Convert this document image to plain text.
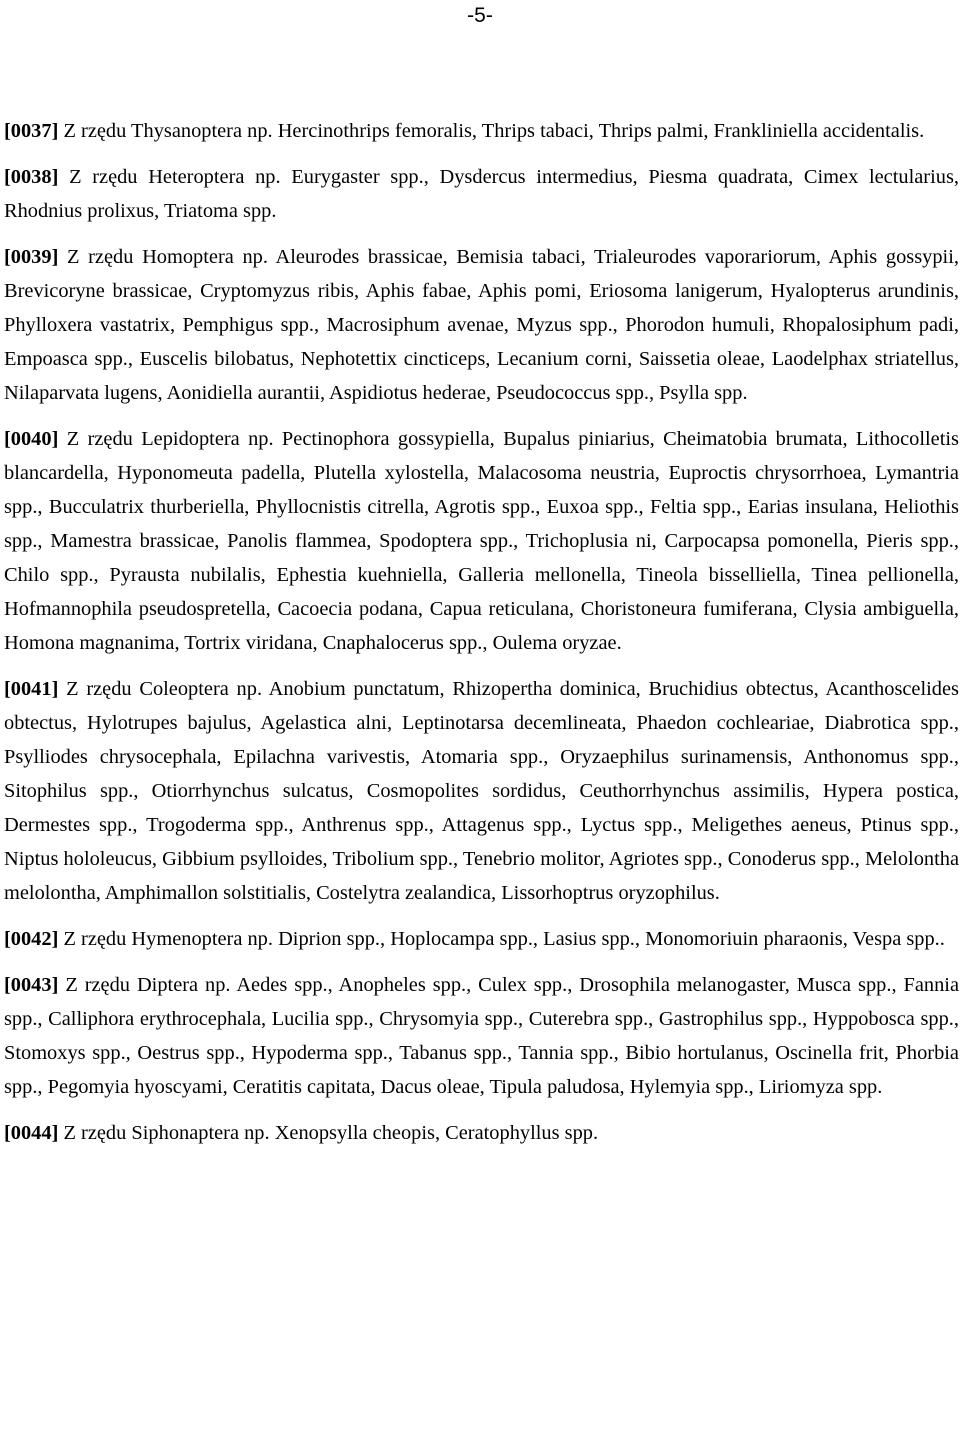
-5-

[0037] Z rzędu Thysanoptera np. Hercinothrips femoralis, Thrips tabaci, Thrips palmi, Frankliniella accidentalis.

[0038] Z rzędu Heteroptera np. Eurygaster spp., Dysdercus intermedius, Piesma quadrata, Cimex lectularius, Rhodnius prolixus, Triatoma spp.

[0039] Z rzędu Homoptera np. Aleurodes brassicae, Bemisia tabaci, Trialeurodes vaporariorum, Aphis gossypii, Brevicoryne brassicae, Cryptomyzus ribis, Aphis fabae, Aphis pomi, Eriosoma lanigerum, Hyalopterus arundinis, Phylloxera vastatrix, Pemphigus spp., Macrosiphum avenae, Myzus spp., Phorodon humuli, Rhopalosiphum padi, Empoasca spp., Euscelis bilobatus, Nephotettix cincticeps, Lecanium corni, Saissetia oleae, Laodelphax striatellus, Nilaparvata lugens, Aonidiella aurantii, Aspidiotus hederae, Pseudococcus spp., Psylla spp.

[0040] Z rzędu Lepidoptera np. Pectinophora gossypiella, Bupalus piniarius, Cheimatobia brumata, Lithocolletis blancardella, Hyponomeuta padella, Plutella xylostella, Malacosoma neustria, Euproctis chrysorrhoea, Lymantria spp., Bucculatrix thurberiella, Phyllocnistis citrella, Agrotis spp., Euxoa spp., Feltia spp., Earias insulana, Heliothis spp., Mamestra brassicae, Panolis flammea, Spodoptera spp., Trichoplusia ni, Carpocapsa pomonella, Pieris spp., Chilo spp., Pyrausta nubilalis, Ephestia kuehniella, Galleria mellonella, Tineola bisselliella, Tinea pellionella, Hofmannophila pseudospretella, Cacoecia podana, Capua reticulana, Choristoneura fumiferana, Clysia ambiguella, Homona magnanima, Tortrix viridana, Cnaphalocerus spp., Oulema oryzae.

[0041] Z rzędu Coleoptera np. Anobium punctatum, Rhizopertha dominica, Bruchidius obtectus, Acanthoscelides obtectus, Hylotrupes bajulus, Agelastica alni, Leptinotarsa decemlineata, Phaedon cochleariae, Diabrotica spp., Psylliodes chrysocephala, Epilachna varivestis, Atomaria spp., Oryzaephilus surinamensis, Anthonomus spp., Sitophilus spp., Otiorrhynchus sulcatus, Cosmopolites sordidus, Ceuthorrhynchus assimilis, Hypera postica, Dermestes spp., Trogoderma spp., Anthrenus spp., Attagenus spp., Lyctus spp., Meligethes aeneus, Ptinus spp., Niptus hololeucus, Gibbium psylloides, Tribolium spp., Tenebrio molitor, Agriotes spp., Conoderus spp., Melolontha melolontha, Amphimallon solstitialis, Costelytra zealandica, Lissorhoptrus oryzophilus.

[0042] Z rzędu Hymenoptera np. Diprion spp., Hoplocampa spp., Lasius spp., Monomoriuin pharaonis, Vespa spp..

[0043] Z rzędu Diptera np. Aedes spp., Anopheles spp., Culex spp., Drosophila melanogaster, Musca spp., Fannia spp., Calliphora erythrocephala, Lucilia spp., Chrysomyia spp., Cuterebra spp., Gastrophilus spp., Hyppobosca spp., Stomoxys spp., Oestrus spp., Hypoderma spp., Tabanus spp., Tannia spp., Bibio hortulanus, Oscinella frit, Phorbia spp., Pegomyia hyoscyami, Ceratitis capitata, Dacus oleae, Tipula paludosa, Hylemyia spp., Liriomyza spp.

[0044] Z rzędu Siphonaptera np. Xenopsylla cheopis, Ceratophyllus spp.
